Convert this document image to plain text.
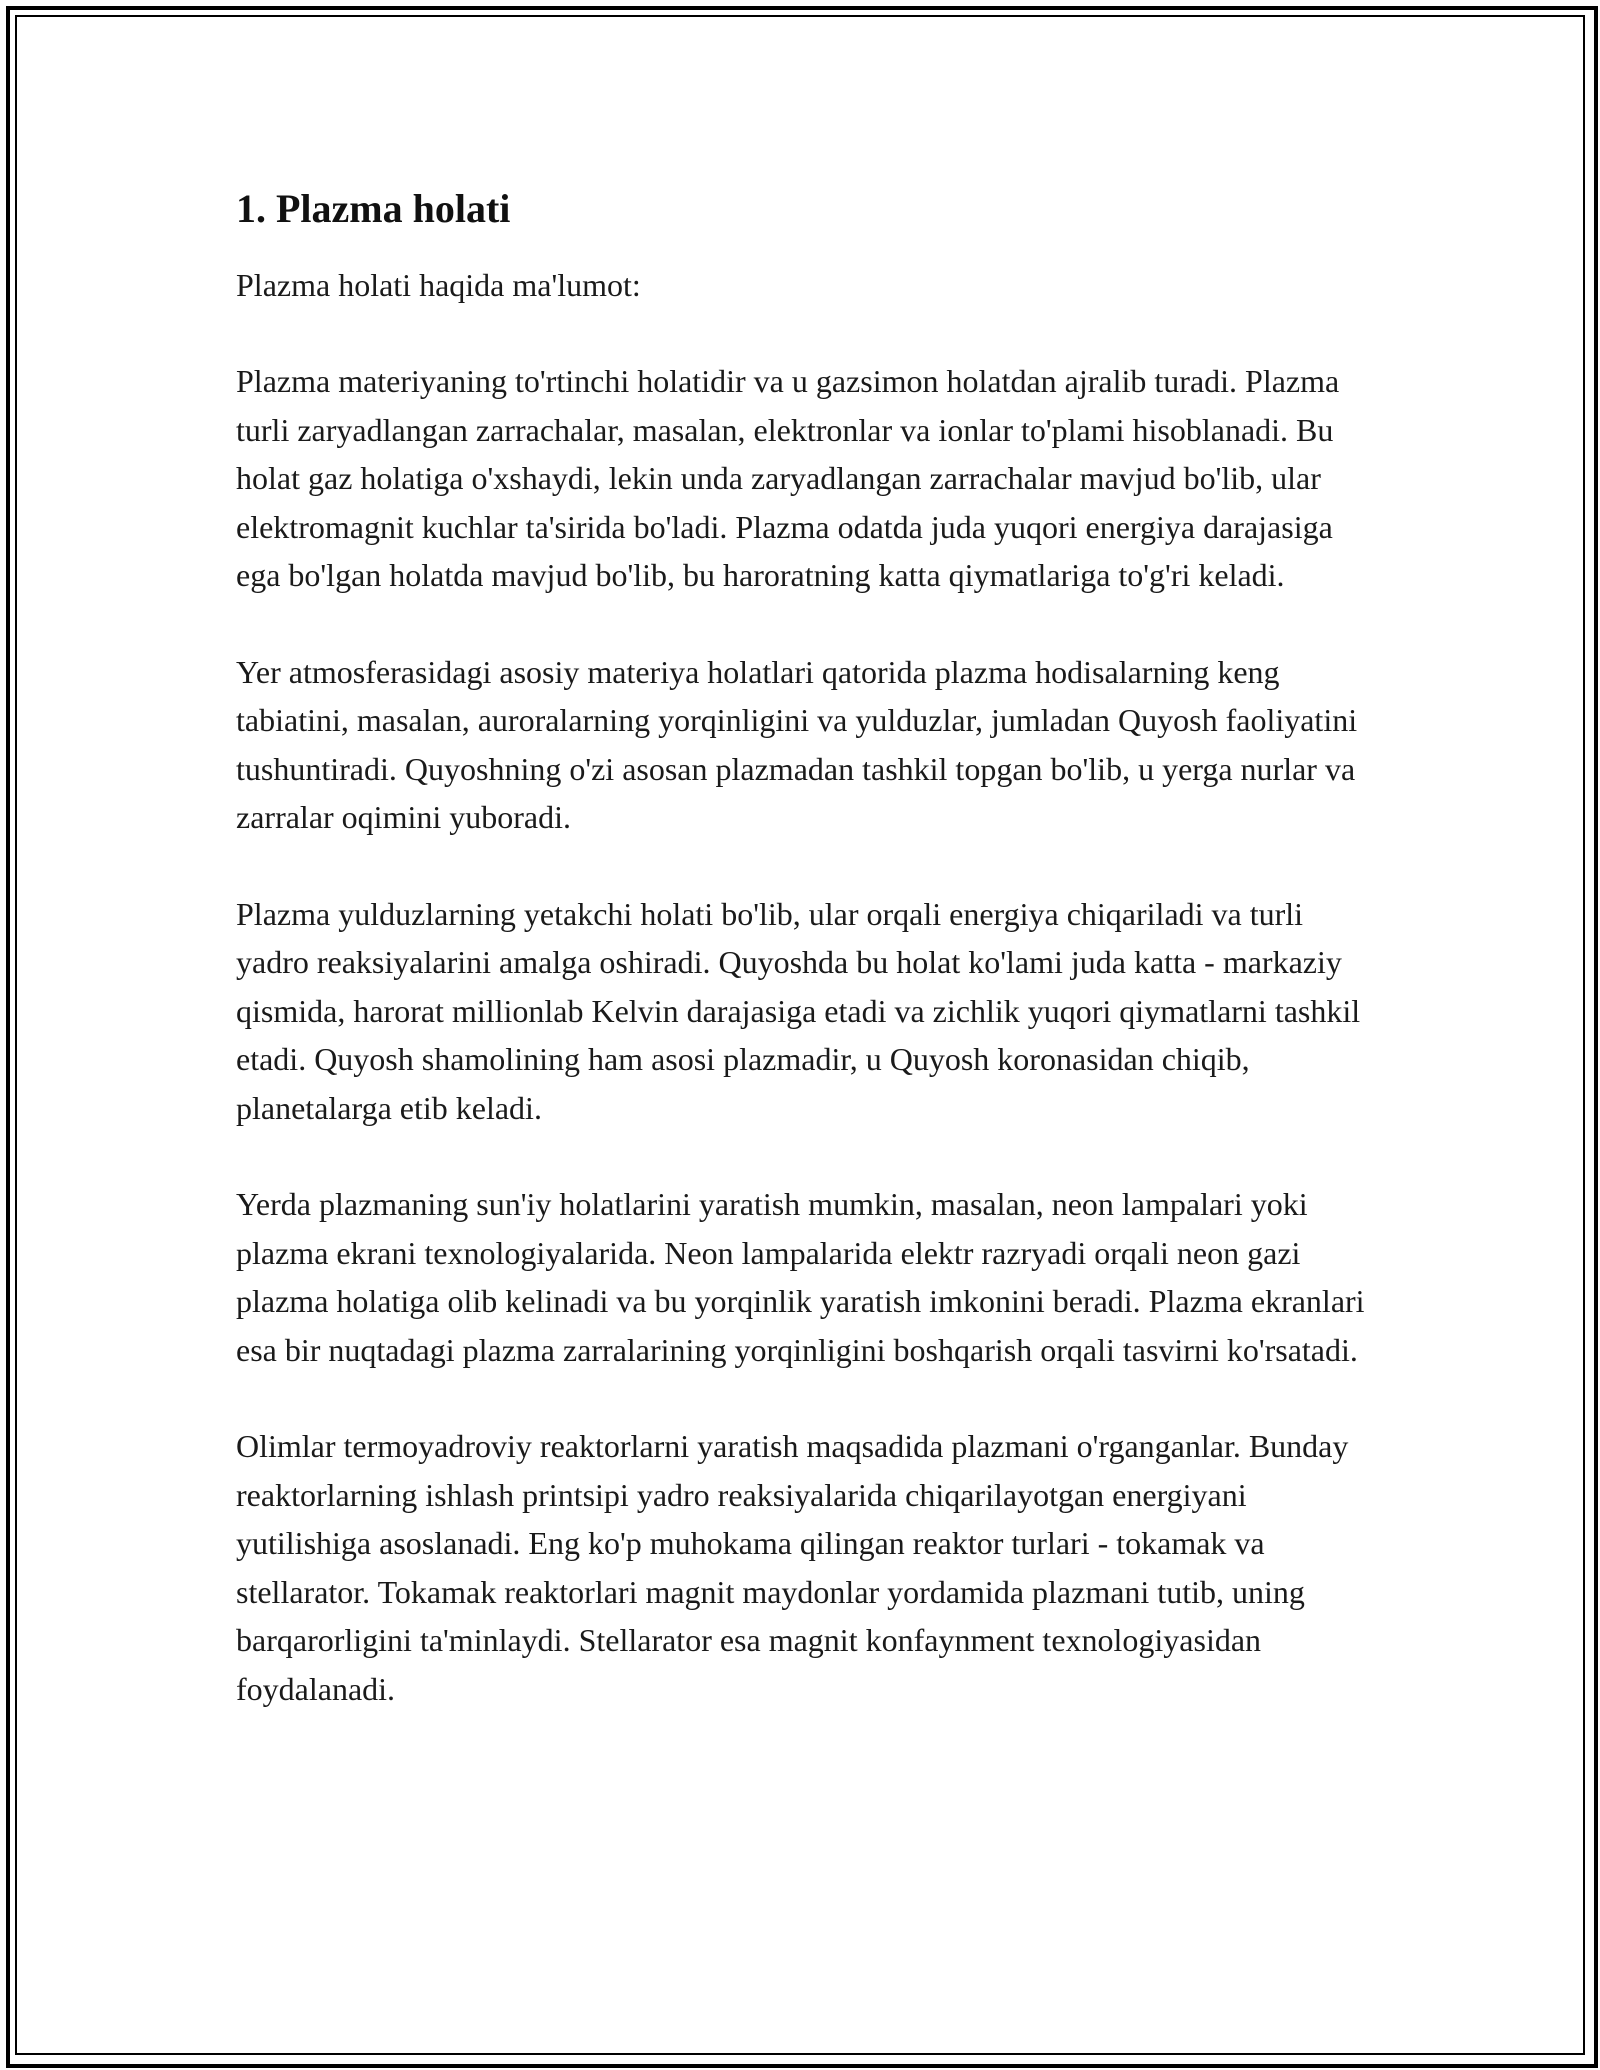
1. Plazma holati

Plazma holati haqida ma'lumot:

Plazma materiyaning to'rtinchi holatidir va u gazsimon holatdan ajralib turadi. Plazma turli zaryadlangan zarrachalar, masalan, elektronlar va ionlar to'plami hisoblanadi. Bu holat gaz holatiga o'xshaydi, lekin unda zaryadlangan zarrachalar mavjud bo'lib, ular elektromagnit kuchlar ta'sirida bo'ladi. Plazma odatda juda yuqori energiya darajasiga ega bo'lgan holatda mavjud bo'lib, bu haroratning katta qiymatlariga to'g'ri keladi.

Yer atmosferasidagi asosiy materiya holatlari qatorida plazma hodisalarning keng tabiatini, masalan, auroralarning yorqinligini va yulduzlar, jumladan Quyosh faoliyatini tushuntiradi. Quyoshning o'zi asosan plazmadan tashkil topgan bo'lib, u yerga nurlar va zarralar oqimini yuboradi.

Plazma yulduzlarning yetakchi holati bo'lib, ular orqali energiya chiqariladi va turli yadro reaksiyalarini amalga oshiradi. Quyoshda bu holat ko'lami juda katta - markaziy qismida, harorat millionlab Kelvin darajasiga etadi va zichlik yuqori qiymatlarni tashkil etadi. Quyosh shamolining ham asosi plazmadir, u Quyosh koronasidan chiqib, planetalarga etib keladi.

Yerda plazmaning sun'iy holatlarini yaratish mumkin, masalan, neon lampalari yoki plazma ekrani texnologiyalarida. Neon lampalarida elektr razryadi orqali neon gazi plazma holatiga olib kelinadi va bu yorqinlik yaratish imkonini beradi. Plazma ekranlari esa bir nuqtadagi plazma zarralarining yorqinligini boshqarish orqali tasvirni ko'rsatadi.

Olimlar termoyadroviy reaktorlarni yaratish maqsadida plazmani o'rganganlar. Bunday reaktorlarning ishlash printsipi yadro reaksiyalarida chiqarilayotgan energiyani yutilishiga asoslanadi. Eng ko'p muhokama qilingan reaktor turlari - tokamak va stellarator. Tokamak reaktorlari magnit maydonlar yordamida plazmani tutib, uning barqarorligini ta'minlaydi. Stellarator esa magnit konfaynment texnologiyasidan foydalanadi.
